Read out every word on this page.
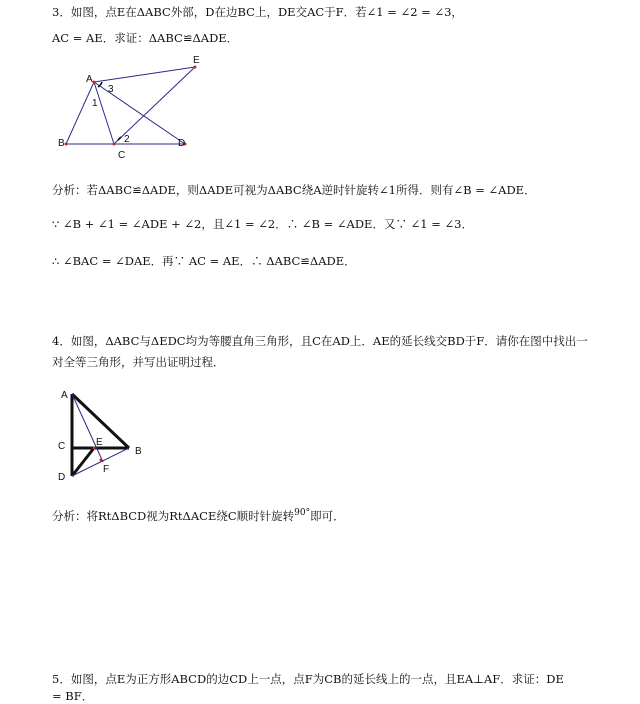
3．如图，点E在ΔABC外部，D在边BC上，DE交AC于F．若∠1 = ∠2 = ∠3，
AC = AE．求证：ΔABC≌ΔADE．
A
B
C
D
E
1
2
3
分析：若ΔABC≌ΔADE，则ΔADE可视为ΔABC绕A逆时针旋转∠1所得．则有∠B = ∠ADE．
∵ ∠B + ∠1 = ∠ADE + ∠2，且∠1 = ∠2．∴ ∠B = ∠ADE．又∵ ∠1 = ∠3．
∴ ∠BAC = ∠DAE．再∵ AC = AE．∴ ΔABC≌ΔADE．
4．如图，ΔABC与ΔEDC均为等腰直角三角形，且C在AD上．AE的延长线交BD于F．请你在图中找出一
对全等三角形，并写出证明过程．
A
C	E
B
D
F
分析：将RtΔBCD视为RtΔACE绕C顺时针旋转$^{90^\circ}$即可．
5．如图，点E为正方形ABCD的边CD上一点，点F为CB的延长线上的一点，且EA⊥AF．求证：DE
= BF．
